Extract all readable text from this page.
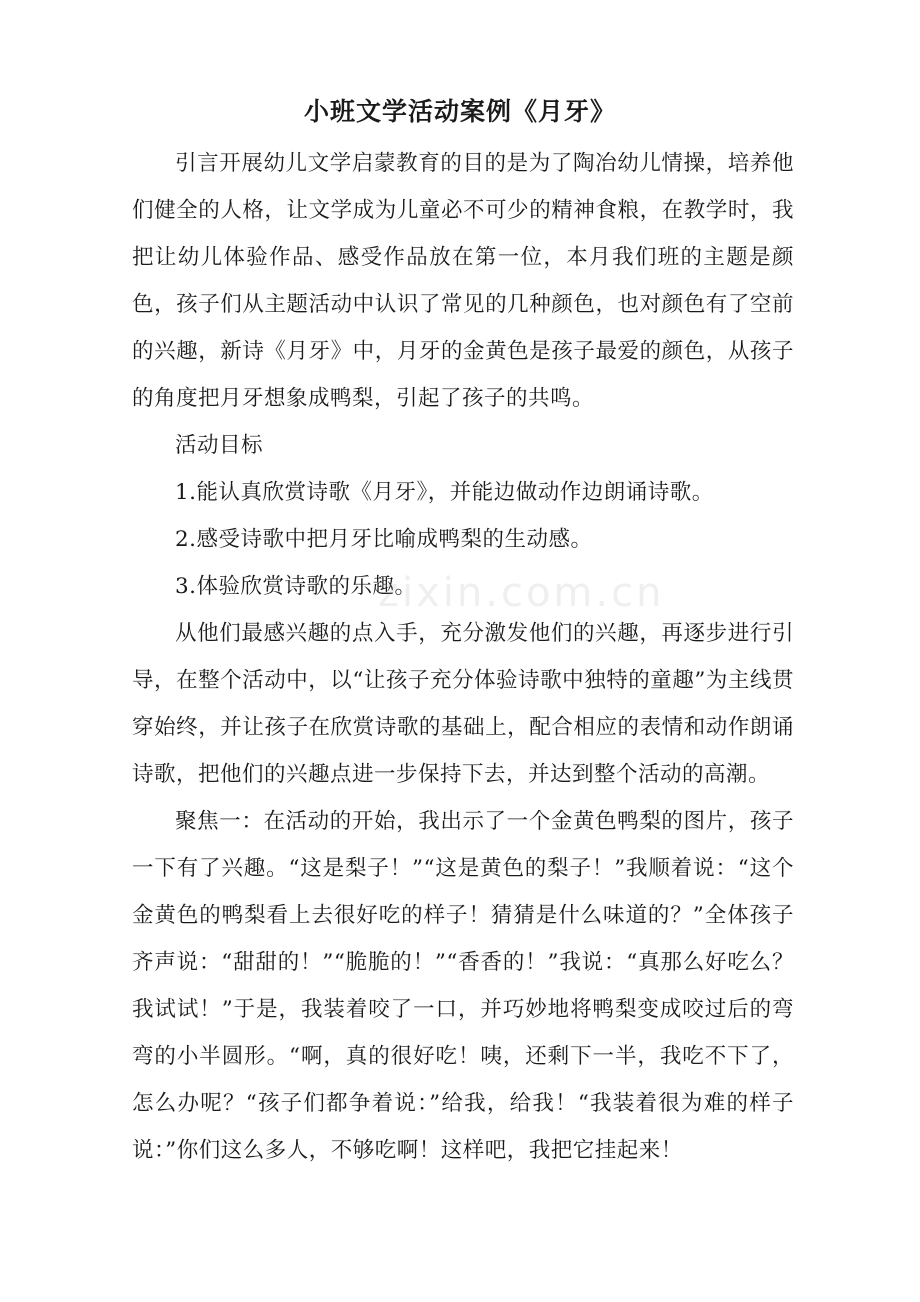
小班文学活动案例《月牙》

引言开展幼儿文学启蒙教育的目的是为了陶冶幼儿情操，培养他们健全的人格，让文学成为儿童必不可少的精神食粮，在教学时，我把让幼儿体验作品、感受作品放在第一位，本月我们班的主题是颜色，孩子们从主题活动中认识了常见的几种颜色，也对颜色有了空前的兴趣，新诗《月牙》中，月牙的金黄色是孩子最爱的颜色，从孩子的角度把月牙想象成鸭梨，引起了孩子的共鸣。

活动目标

1.能认真欣赏诗歌《月牙》，并能边做动作边朗诵诗歌。

2.感受诗歌中把月牙比喻成鸭梨的生动感。

3.体验欣赏诗歌的乐趣。

从他们最感兴趣的点入手，充分激发他们的兴趣，再逐步进行引导，在整个活动中，以“让孩子充分体验诗歌中独特的童趣”为主线贯穿始终，并让孩子在欣赏诗歌的基础上，配合相应的表情和动作朗诵诗歌，把他们的兴趣点进一步保持下去，并达到整个活动的高潮。

聚焦一：在活动的开始，我出示了一个金黄色鸭梨的图片，孩子一下有了兴趣。“这是梨子！”“这是黄色的梨子！”我顺着说：“这个金黄色的鸭梨看上去很好吃的样子！猜猜是什么味道的？”全体孩子齐声说：“甜甜的！”“脆脆的！”“香香的！”我说：“真那么好吃么？我试试！”于是，我装着咬了一口，并巧妙地将鸭梨变成咬过后的弯弯的小半圆形。“啊，真的很好吃！咦，还剩下一半，我吃不下了，怎么办呢？“孩子们都争着说：”给我，给我！“我装着很为难的样子说：”你们这么多人，不够吃啊！这样吧，我把它挂起来！

zixin.com.cn
